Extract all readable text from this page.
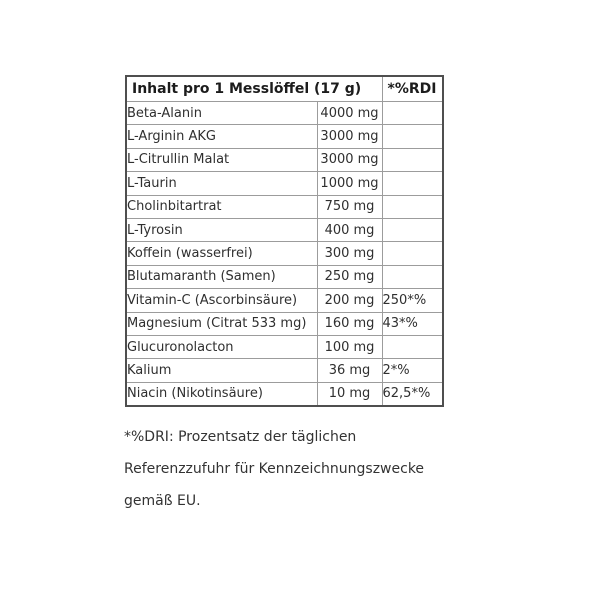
Inhalt pro 1 Messlöffel (17 g)		*%RDI
Beta-Alanin	4000 mg	
L-Arginin AKG	3000 mg	
L-Citrullin Malat	3000 mg	
L-Taurin	1000 mg	
Cholinbitartrat	750 mg	
L-Tyrosin	400 mg	
Koffein (wasserfrei)	300 mg	
Blutamaranth (Samen)	250 mg	
Vitamin-C (Ascorbinsäure)	200 mg	250*%
Magnesium (Citrat 533 mg)	160 mg	43*%
Glucuronolacton	100 mg	
Kalium	36 mg	2*%
Niacin (Nikotinsäure)	10 mg	62,5*%
*%DRI: Prozentsatz der täglichen
Referenzzufuhr für Kennzeichnungszwecke
gemäß EU.
